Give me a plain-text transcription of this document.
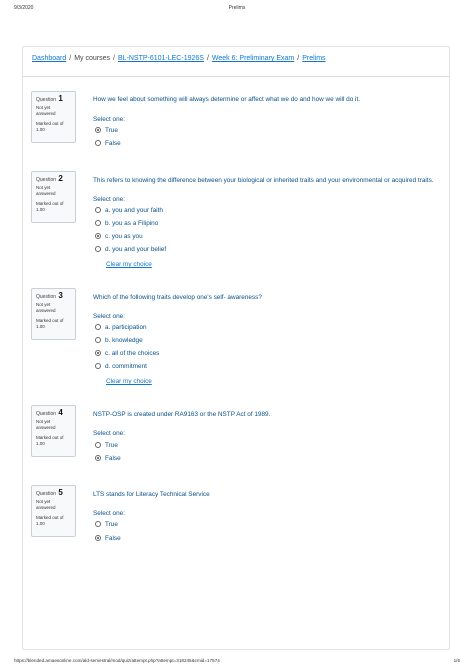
9/3/2020	Prelims
Dashboard / My courses / BL-NSTP-6101-LEC-1926S / Week 6: Preliminary Exam / Prelims
Question 1
Not yet answered
Marked out of 1.00
How we feel about something will always determine or affect what we do and how we will do it.
Select one:
True
False
Question 2
Not yet answered
Marked out of 1.00
This refers to knowing the difference between your biological or inherited traits and your environmental or acquired traits.
Select one:
a. you and your faith
b. you as a Filipino
c. you as you
d. you and your belief
Clear my choice
Question 3
Not yet answered
Marked out of 1.00
Which of the following traits develop one's self- awareness?
Select one:
a. participation
b. knowledge
c. all of the choices
d. commitment
Clear my choice
Question 4
Not yet answered
Marked out of 1.00
NSTP-OSP is created under RA9163 or the NSTP Act of 1989.
Select one:
True
False
Question 5
Not yet answered
Marked out of 1.00
LTS stands for Literacy Technical Service
Select one:
True
False
https://blended.amaesonline.com/ald-semestral/mod/quiz/attempt.php?attempt=318245&cmid=17574	1/6
